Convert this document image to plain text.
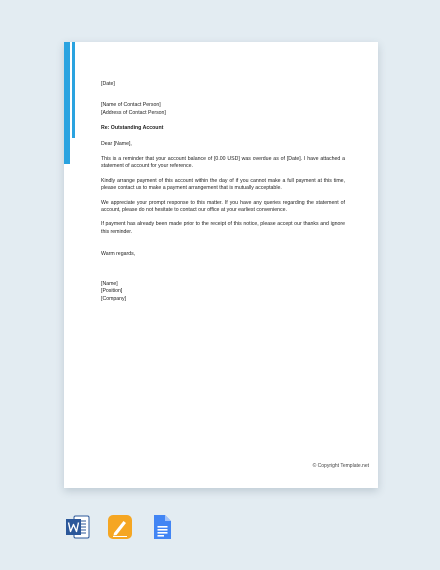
[Date]

[Name of Contact Person]

[Address of Contact Person]

Re: Outstanding Account

Dear [Name],

This is a reminder that your account balance of [0.00 USD] was overdue as of [Date]. I have attached a statement of account for your reference.

Kindly arrange payment of this account within the day of if you cannot make a full payment at this time, please contact us to make a payment arrangement that is mutually acceptable.

We appreciate your prompt response to this matter. If you have any queries regarding the statement of account, please do not hesitate to contact our office at your earliest convenience.

If payment has already been made prior to the receipt of this notice, please accept our thanks and ignore this reminder.

Warm regards,

[Name]

[Position]

[Company]

© Copyright Template.net
